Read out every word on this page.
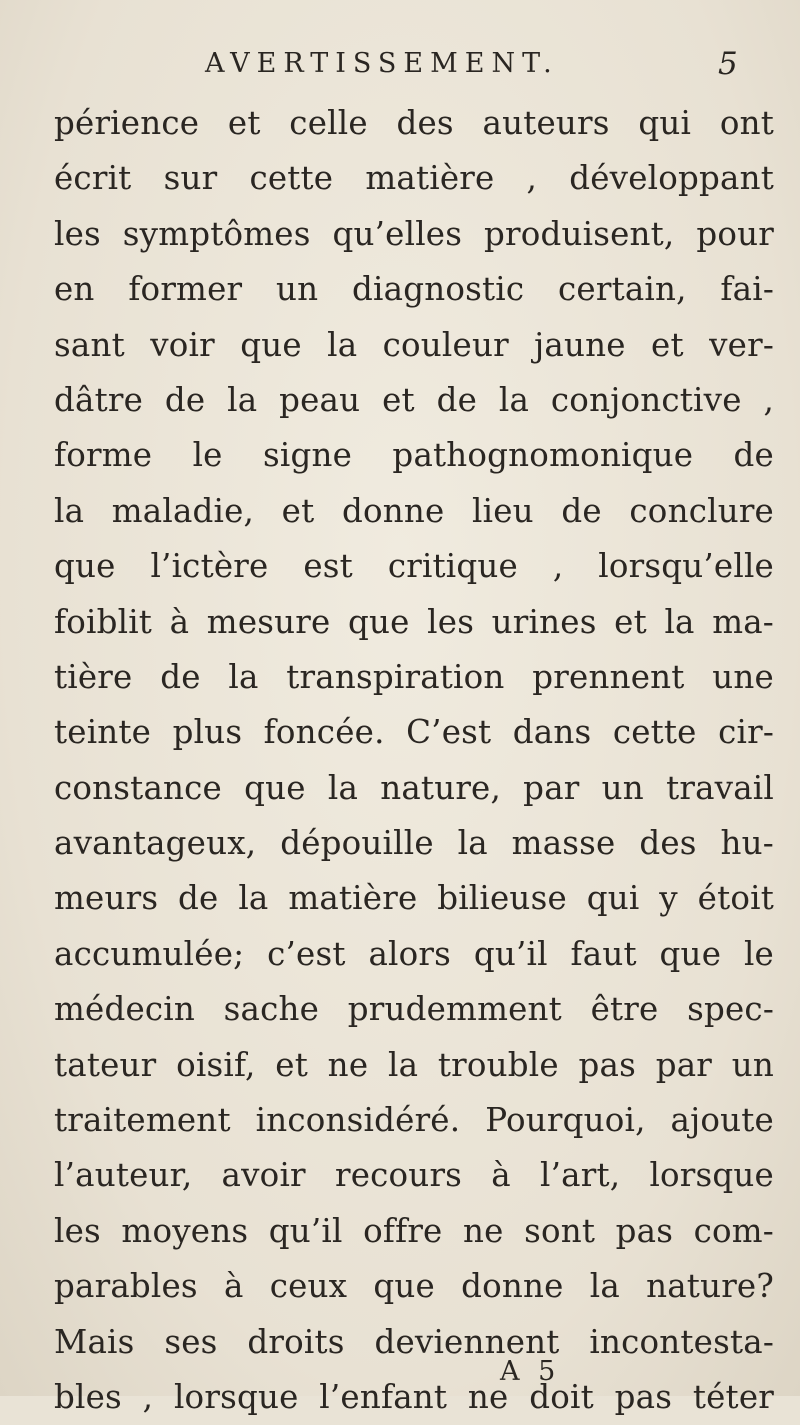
AVERTISSEMENT.	5
périence et celle des auteurs qui ont
écrit sur cette matière , développant
les symptômes qu’elles produisent, pour
en former un diagnostic certain, fai-
sant voir que la couleur jaune et ver-
dâtre de la peau et de la conjonctive ,
forme le signe pathognomonique de
la maladie, et donne lieu de conclure
que l’ictère est critique , lorsqu’elle
foiblit à mesure que les urines et la ma-
tière de la transpiration prennent une
teinte plus foncée. C’est dans cette cir-
constance que la nature, par un travail
avantageux, dépouille la masse des hu-
meurs de la matière bilieuse qui y étoit
accumulée; c’est alors qu’il faut que le
médecin sache prudemment être spec-
tateur oisif, et ne la trouble pas par un
traitement inconsidéré. Pourquoi, ajoute
l’auteur, avoir recours à l’art, lorsque
les moyens qu’il offre ne sont pas com-
parables à ceux que donne la nature?
Mais ses droits deviennent incontesta-
bles , lorsque l’enfant ne doit pas téter
A 5
